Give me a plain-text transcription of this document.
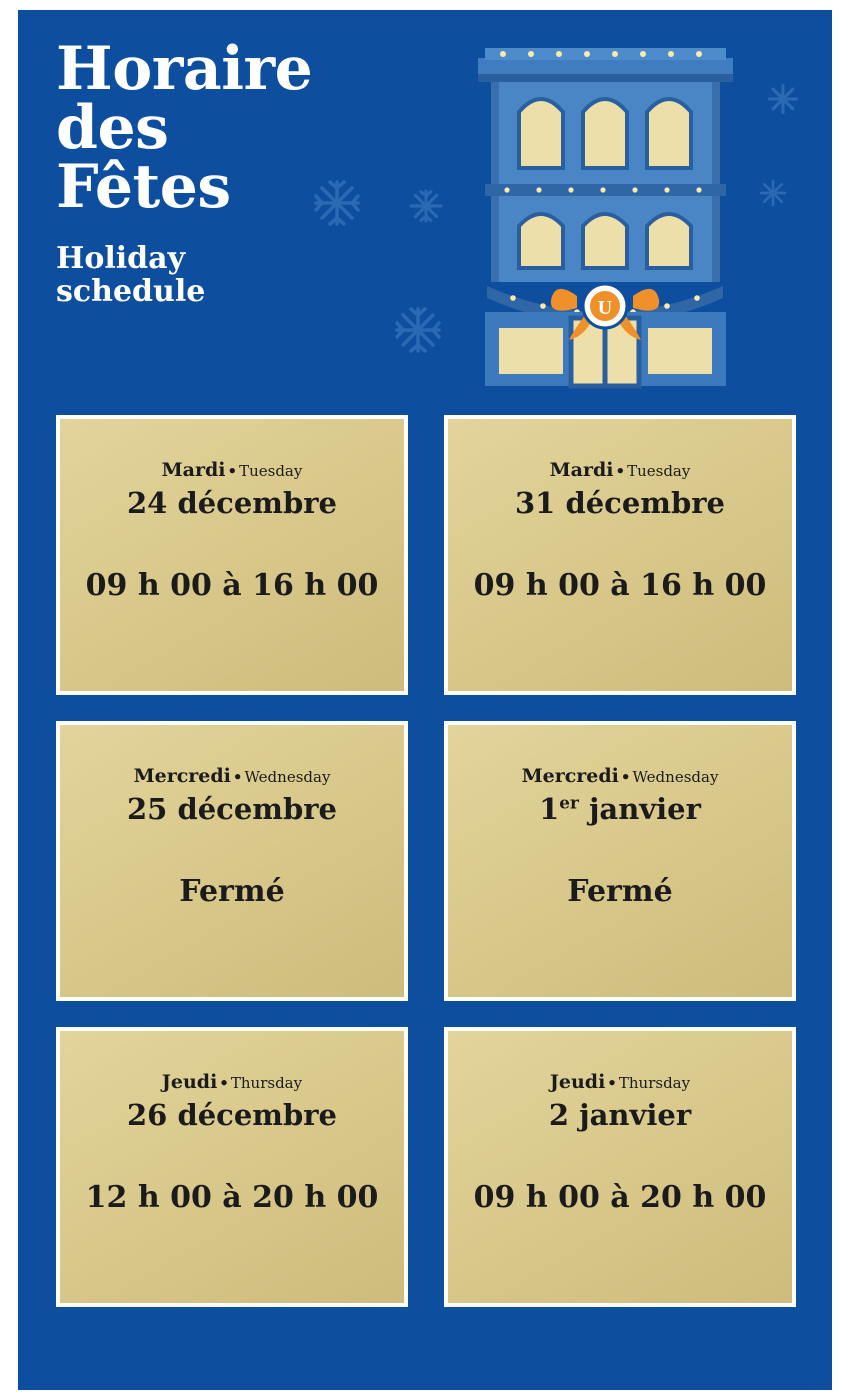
Horaire
des
Fêtes
Holiday
schedule	U
Mardi • Tuesday
24 décembre
09 h 00 à 16 h 00
Mardi • Tuesday
31 décembre
09 h 00 à 16 h 00
Mercredi • Wednesday
25 décembre
Fermé
Mercredi • Wednesday
1er janvier
Fermé
Jeudi • Thursday
26 décembre
12 h 00 à 20 h 00
Jeudi • Thursday
2 janvier
09 h 00 à 20 h 00
